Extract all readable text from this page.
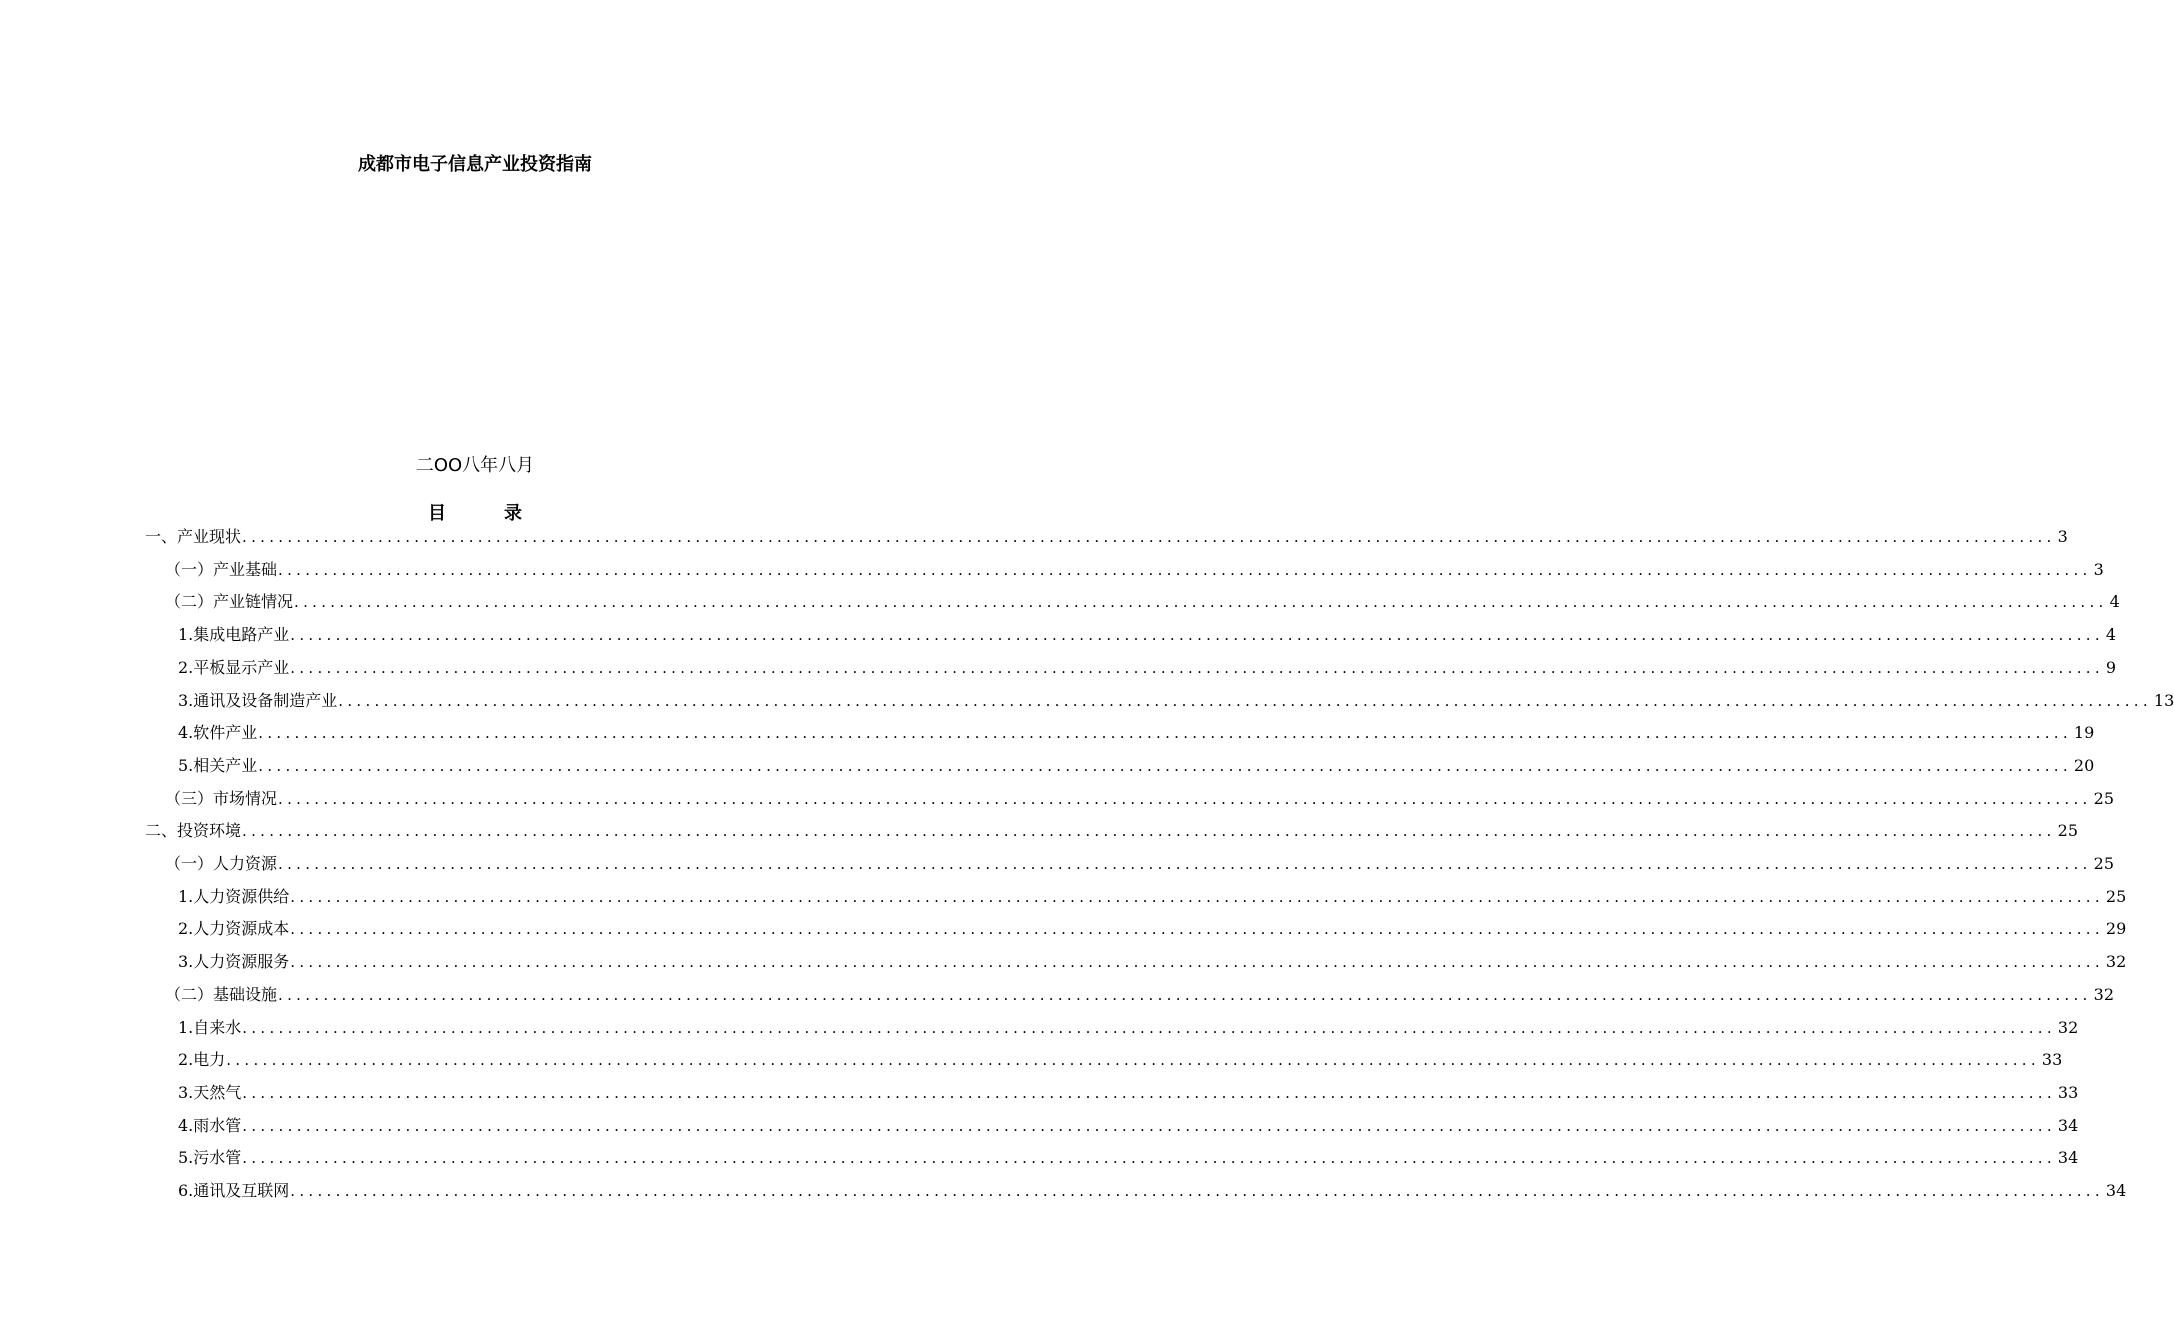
成都市电子信息产业投资指南
二OO八年八月
目	录
一、产业现状 ........................................................................................................................................................................................................ 3
（一）产业基础 ........................................................................................................................................................................................................ 3
（二）产业链情况 ........................................................................................................................................................................................................ 4
1.集成电路产业 ........................................................................................................................................................................................................ 4
2.平板显示产业 ........................................................................................................................................................................................................ 9
3.通讯及设备制造产业 ........................................................................................................................................................................................................ 13
4.软件产业 ........................................................................................................................................................................................................ 19
5.相关产业 ........................................................................................................................................................................................................ 20
（三）市场情况 ........................................................................................................................................................................................................ 25
二、投资环境 ........................................................................................................................................................................................................ 25
（一）人力资源 ........................................................................................................................................................................................................ 25
1.人力资源供给 ........................................................................................................................................................................................................ 25
2.人力资源成本 ........................................................................................................................................................................................................ 29
3.人力资源服务 ........................................................................................................................................................................................................ 32
（二）基础设施 ........................................................................................................................................................................................................ 32
1.自来水 ........................................................................................................................................................................................................ 32
2.电力 ........................................................................................................................................................................................................ 33
3.天然气 ........................................................................................................................................................................................................ 33
4.雨水管 ........................................................................................................................................................................................................ 34
5.污水管 ........................................................................................................................................................................................................ 34
6.通讯及互联网 ........................................................................................................................................................................................................ 34
